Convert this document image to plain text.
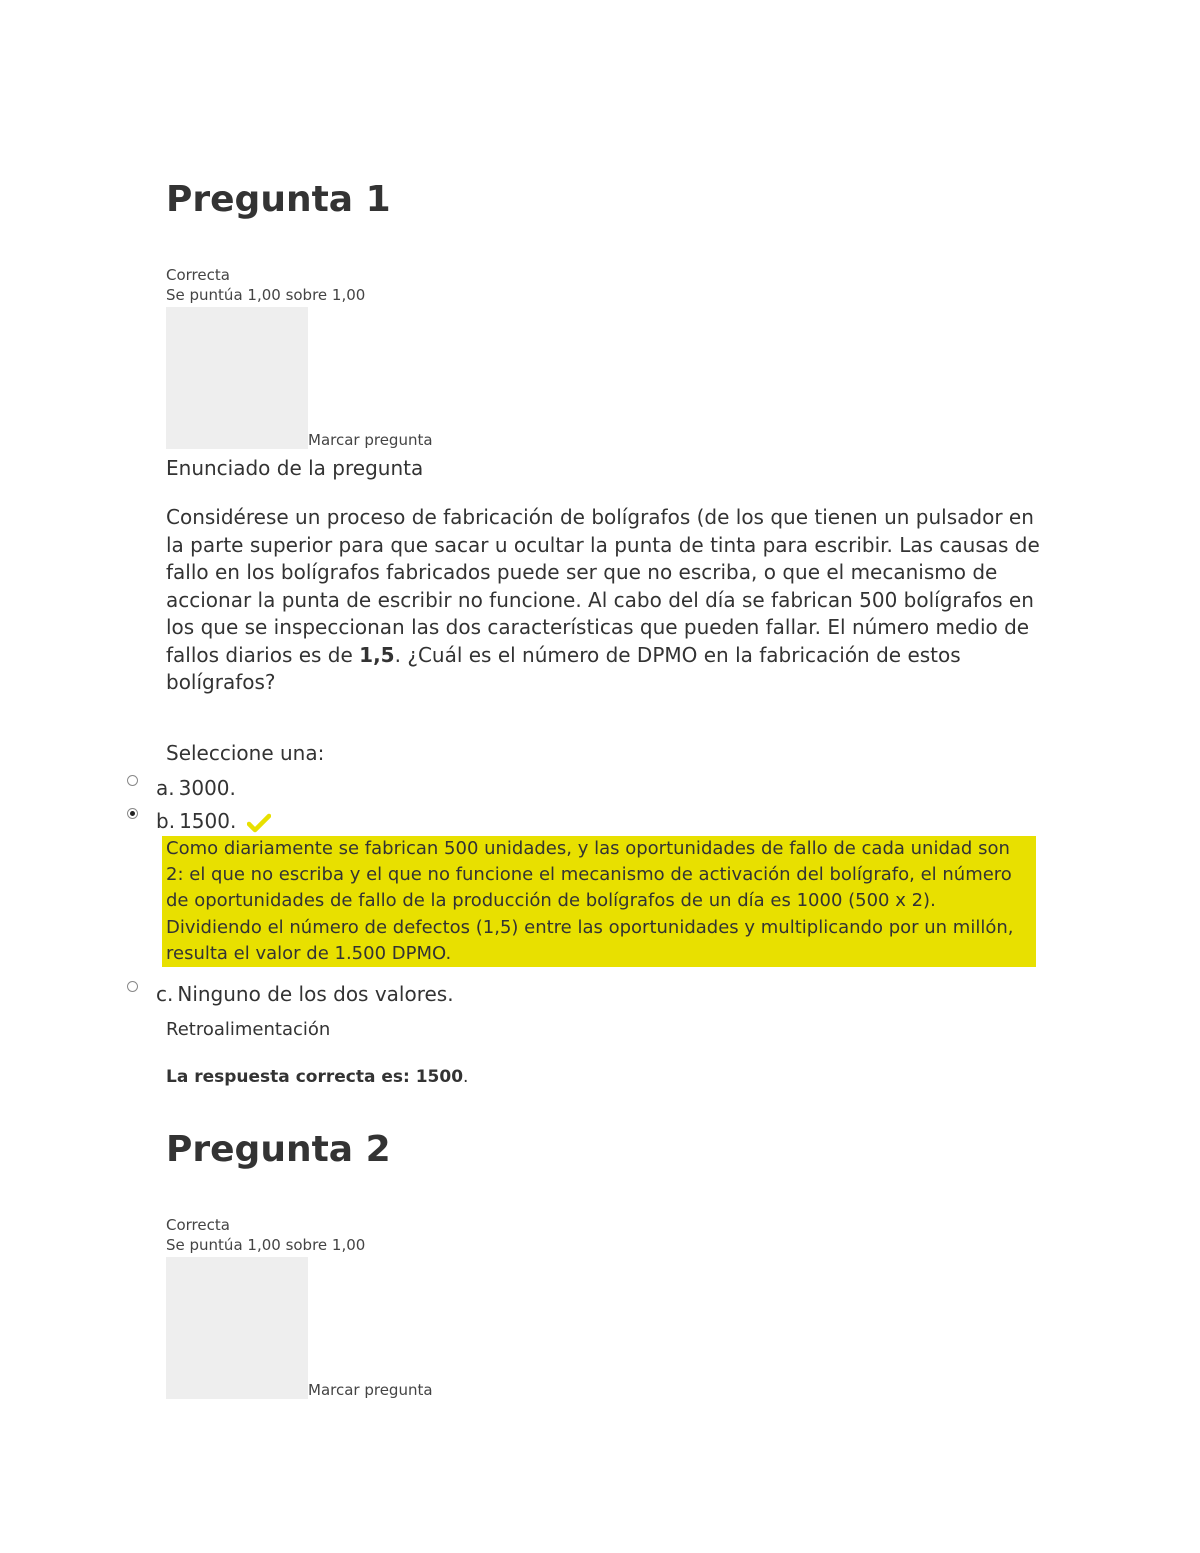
Pregunta 1
Correcta
Se puntúa 1,00 sobre 1,00
Marcar pregunta
Enunciado de la pregunta
Considérese un proceso de fabricación de bolígrafos (de los que tienen un pulsador en la parte superior para que sacar u ocultar la punta de tinta para escribir. Las causas de fallo en los bolígrafos fabricados puede ser que no escriba, o que el mecanismo de accionar la punta de escribir no funcione. Al cabo del día se fabrican 500 bolígrafos en los que se inspeccionan las dos características que pueden fallar. El número medio de fallos diarios es de 1,5. ¿Cuál es el número de DPMO en la fabricación de estos bolígrafos?
Seleccione una:
a. 3000.
b. 1500.
Como diariamente se fabrican 500 unidades, y las oportunidades de fallo de cada unidad son 2: el que no escriba y el que no funcione el mecanismo de activación del bolígrafo, el número de oportunidades de fallo de la producción de bolígrafos de un día es 1000 (500 x 2). Dividiendo el número de defectos (1,5) entre las oportunidades y multiplicando por un millón, resulta el valor de 1.500 DPMO.
c. Ninguno de los dos valores.
Retroalimentación
La respuesta correcta es: 1500.
Pregunta 2
Correcta
Se puntúa 1,00 sobre 1,00
Marcar pregunta
